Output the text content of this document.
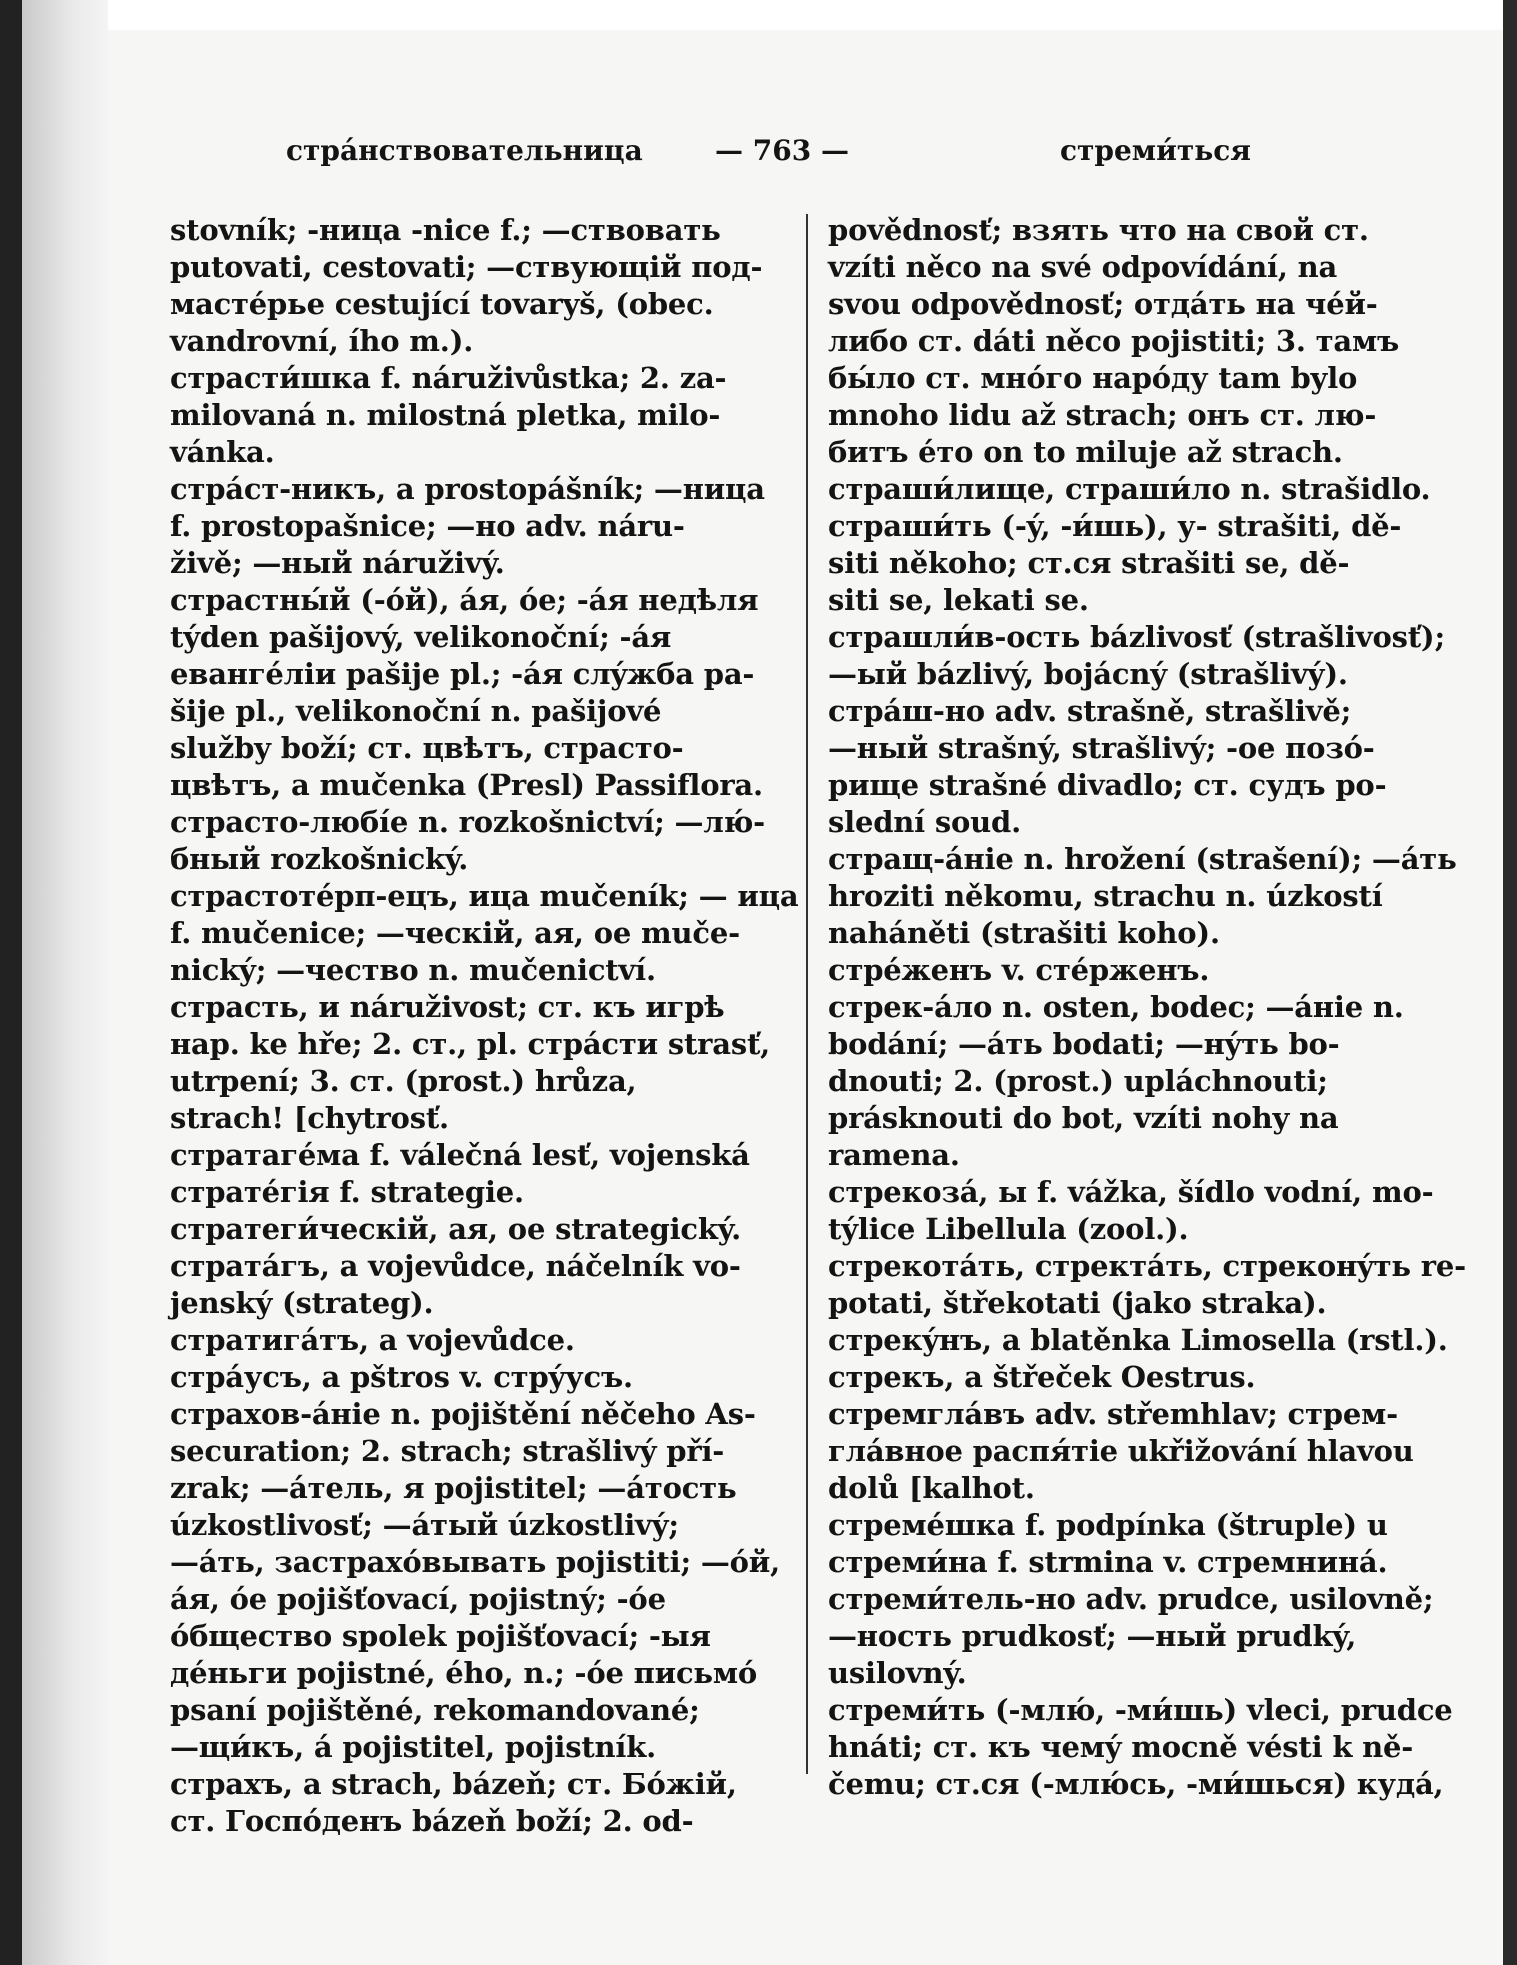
стра́нствовательница	— 763 —	стреми́ться
stovník; -ница -nice f.; —ствовать
putovati, cestovati; —ствующій под-
мастéрье cestující tovaryš, (obec.
vandrovní, ího m.).
страсти́шка f. náruživůstka; 2. za-
milovaná n. milostná pletka, milo-
vánka.
стра́ст-никъ, a prostopášník; —ница
f. prostopašnice; —но adv. náru-
živě; —ный náruživý.
страстны́й (-óй), áя, óе; -áя недѣля
týden pašijový, velikonoční; -áя
евангéліи pašije pl.; -áя слýжба pa-
šije pl., velikonoční n. pašijové
služby boží; ст. цвѣтъ, страсто-
цвѣтъ, a mučenka (Presl) Passiflora.
страсто-любíе n. rozkošnictví; —лю́-
бный rozkošnický.
страстотéрп-ецъ, ица mučeník; — ица
f. mučenice; —ческій, ая, ое muče-
nický; —чество n. mučenictví.
страсть, и náruživost; ст. къ игрѣ
нар. ke hře; 2. ст., pl. стрáсти strasť,
utrpení; 3. ст. (prost.) hrůza,
strach! [chytrosť.
стратагéма f. válečná lesť, vojenská
стратéгія f. strategie.
стратеги́ческій, ая, ое strategický.
стратáгъ, a vojevůdce, náčelník vo-
jenský (strateg).
стратигáтъ, a vojevůdce.
стрáусъ, a pštros v. стрýусъ.
страхов-áніе n. pojištění něčeho As-
securation; 2. strach; strašlivý pří-
zrak; —áтель, я pojistitel; —áтость
úzkostlivosť; —áтый úzkostlivý;
—áть, застрахóвывать pojistiti; —óй,
áя, óе pojišťovací, pojistný; -óе
óбщество spolek pojišťovací; -ыя
дéньги pojistné, ého, n.; -óе письмó
psaní pojištěné, rekomandované;
—щи́къ, á pojistitel, pojistník.
страхъ, a strach, bázeň; ст. Бóжій,
ст. Госпóденъ bázeň boží; 2. od-
povědnosť; взять что на свой ст.
vzíti něco na své odpovídání, na
svou odpovědnosť; отдáть на чéй-
либо ст. dáti něco pojistiti; 3. тамъ
бы́ло ст. мнóго нарóду tam bylo
mnoho lidu až strach; онъ ст. лю-
битъ éто on to miluje až strach.
страши́лище, страши́ло n. strašidlo.
страши́ть (-ý, -и́шь), у- strašiti, dě-
siti někoho; ст.ся strašiti se, dě-
siti se, lekati se.
страшли́в-ость bázlivosť (strašlivosť);
—ый bázlivý, bojácný (strašlivý).
стрáш-но adv. strašně, strašlivě;
—ный strašný, strašlivý; -ое позó-
рище strašné divadlo; ст. судъ po-
slední soud.
стращ-áніе n. hrožení (strašení); —áть
hroziti někomu, strachu n. úzkostí
naháněti (strašiti koho).
стрéженъ v. стéрженъ.
стрек-áло n. osten, bodec; —áніе n.
bodání; —áть bodati; —нýть bo-
dnouti; 2. (prost.) upláchnouti;
prásknouti do bot, vzíti nohy na
ramena.
стрекозá, ы f. vážka, šídlo vodní, mo-
týlice Libellula (zool.).
стрекотáть, стректáть, стреконýть re-
potati, štřekotati (jako straka).
стрекýнъ, a blatěnka Limosella (rstl.).
стрекъ, a štřeček Oestrus.
стремглáвъ adv. střemhlav; стрем-
глáвное распя́тіе ukřižování hlavou
dolů [kalhot.
стремéшка f. podpínka (štruple) u
стреми́на f. strmina v. стремнинá.
стреми́тель-но adv. prudce, usilovně;
—ность prudkosť; —ный prudký,
usilovný.
стреми́ть (-млю́, -ми́шь) vleci, prudce
hnáti; ст. къ чемý mocně vésti k ně-
čemu; ст.ся (-млю́сь, -ми́шься) кудá,
